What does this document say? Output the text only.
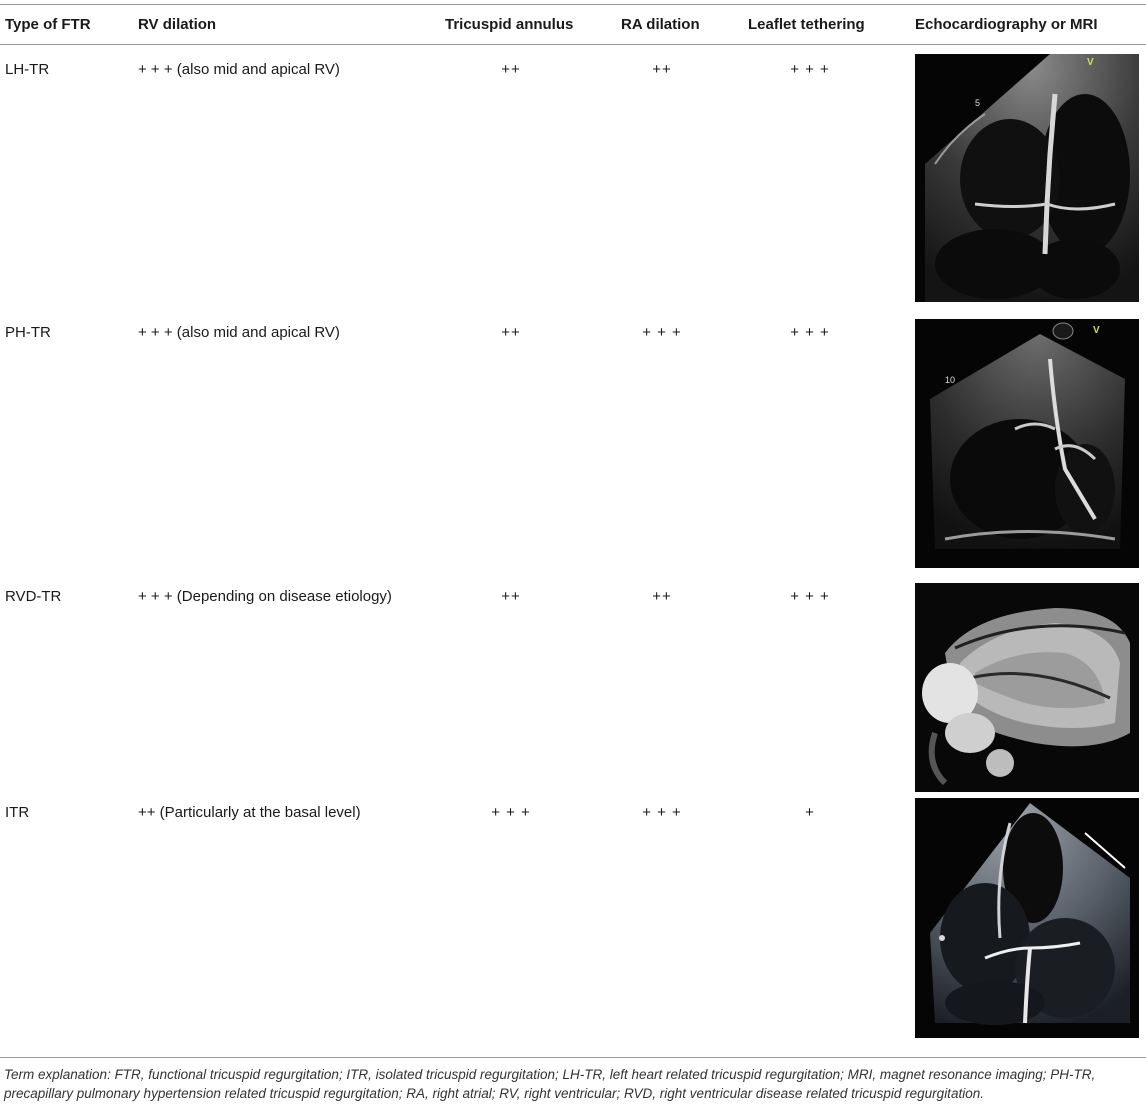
Type of FTR	RV dilation	Tricuspid annulus	RA dilation	Leaflet tethering	Echocardiography or MRI
LH-TR	+ + + (also mid and apical RV)	++	++	+ + +
5
V
PH-TR	+ + + (also mid and apical RV)	++	+ + +	+ + +
10
V
RVD-TR	+ + + (Depending on disease etiology)	++	++	+ + +
ITR	++ (Particularly at the basal level)	+ + +	+ + +	+
Term explanation: FTR, functional tricuspid regurgitation; ITR, isolated tricuspid regurgitation; LH-TR, left heart related tricuspid regurgitation; MRI, magnet resonance imaging; PH-TR, precapillary pulmonary hypertension related tricuspid regurgitation; RA, right atrial; RV, right ventricular; RVD, right ventricular disease related tricuspid regurgitation.
